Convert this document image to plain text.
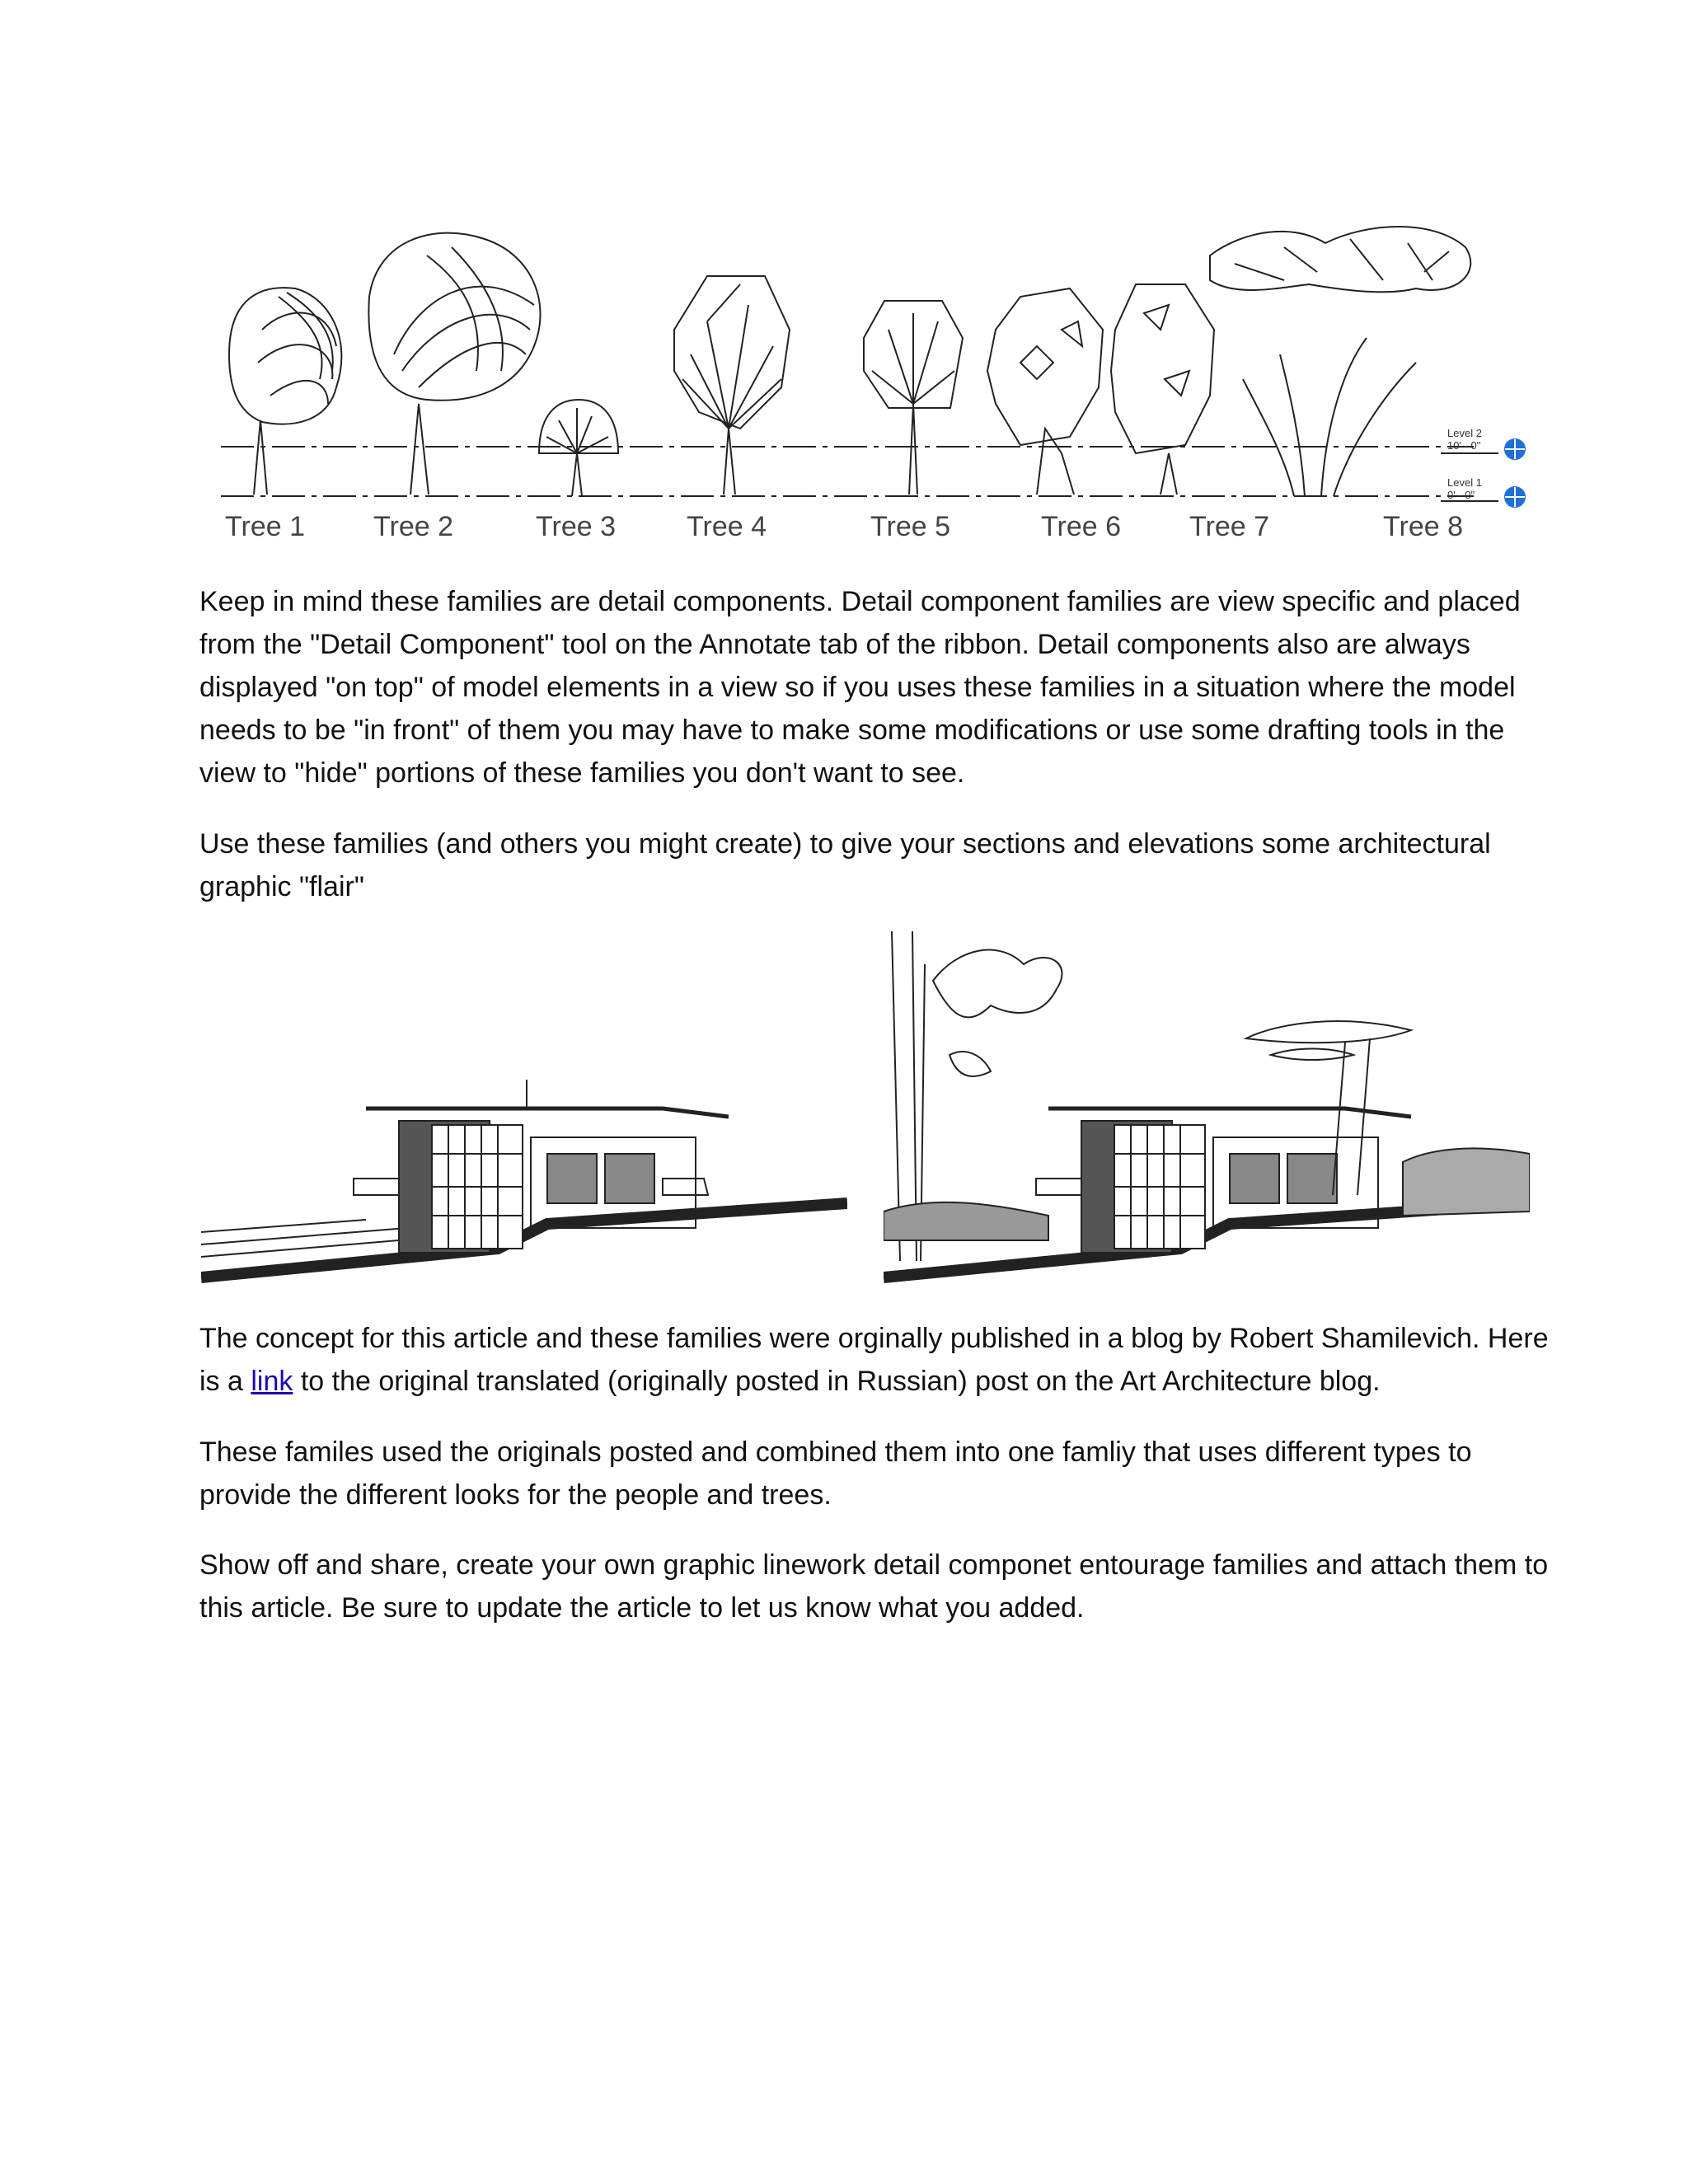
Level 2
10' - 0"
Level 1
0' - 0"
Tree 1 Tree 2	Tree 3	Tree 4	Tree 5	Tree 6 Tree 7	Tree 8

Keep in mind these families are detail components. Detail component families are view specific and placed from the "Detail Component" tool on the Annotate tab of the ribbon. Detail components also are always displayed "on top" of model elements in a view so if you uses these families in a situation where the model needs to be "in front" of them you may have to make some modifications or use some drafting tools in the view to "hide" portions of these families you don't want to see.

Use these families (and others you might create) to give your sections and elevations some architectural graphic "flair"

The concept for this article and these families were orginally published in a blog by Robert Shamilevich. Here is a link to the original translated (originally posted in Russian) post on the Art Architecture blog.

These familes used the originals posted and combined them into one famliy that uses different types to provide the different looks for the people and trees.

Show off and share, create your own graphic linework detail componet entourage families and attach them to this article. Be sure to update the article to let us know what you added.
